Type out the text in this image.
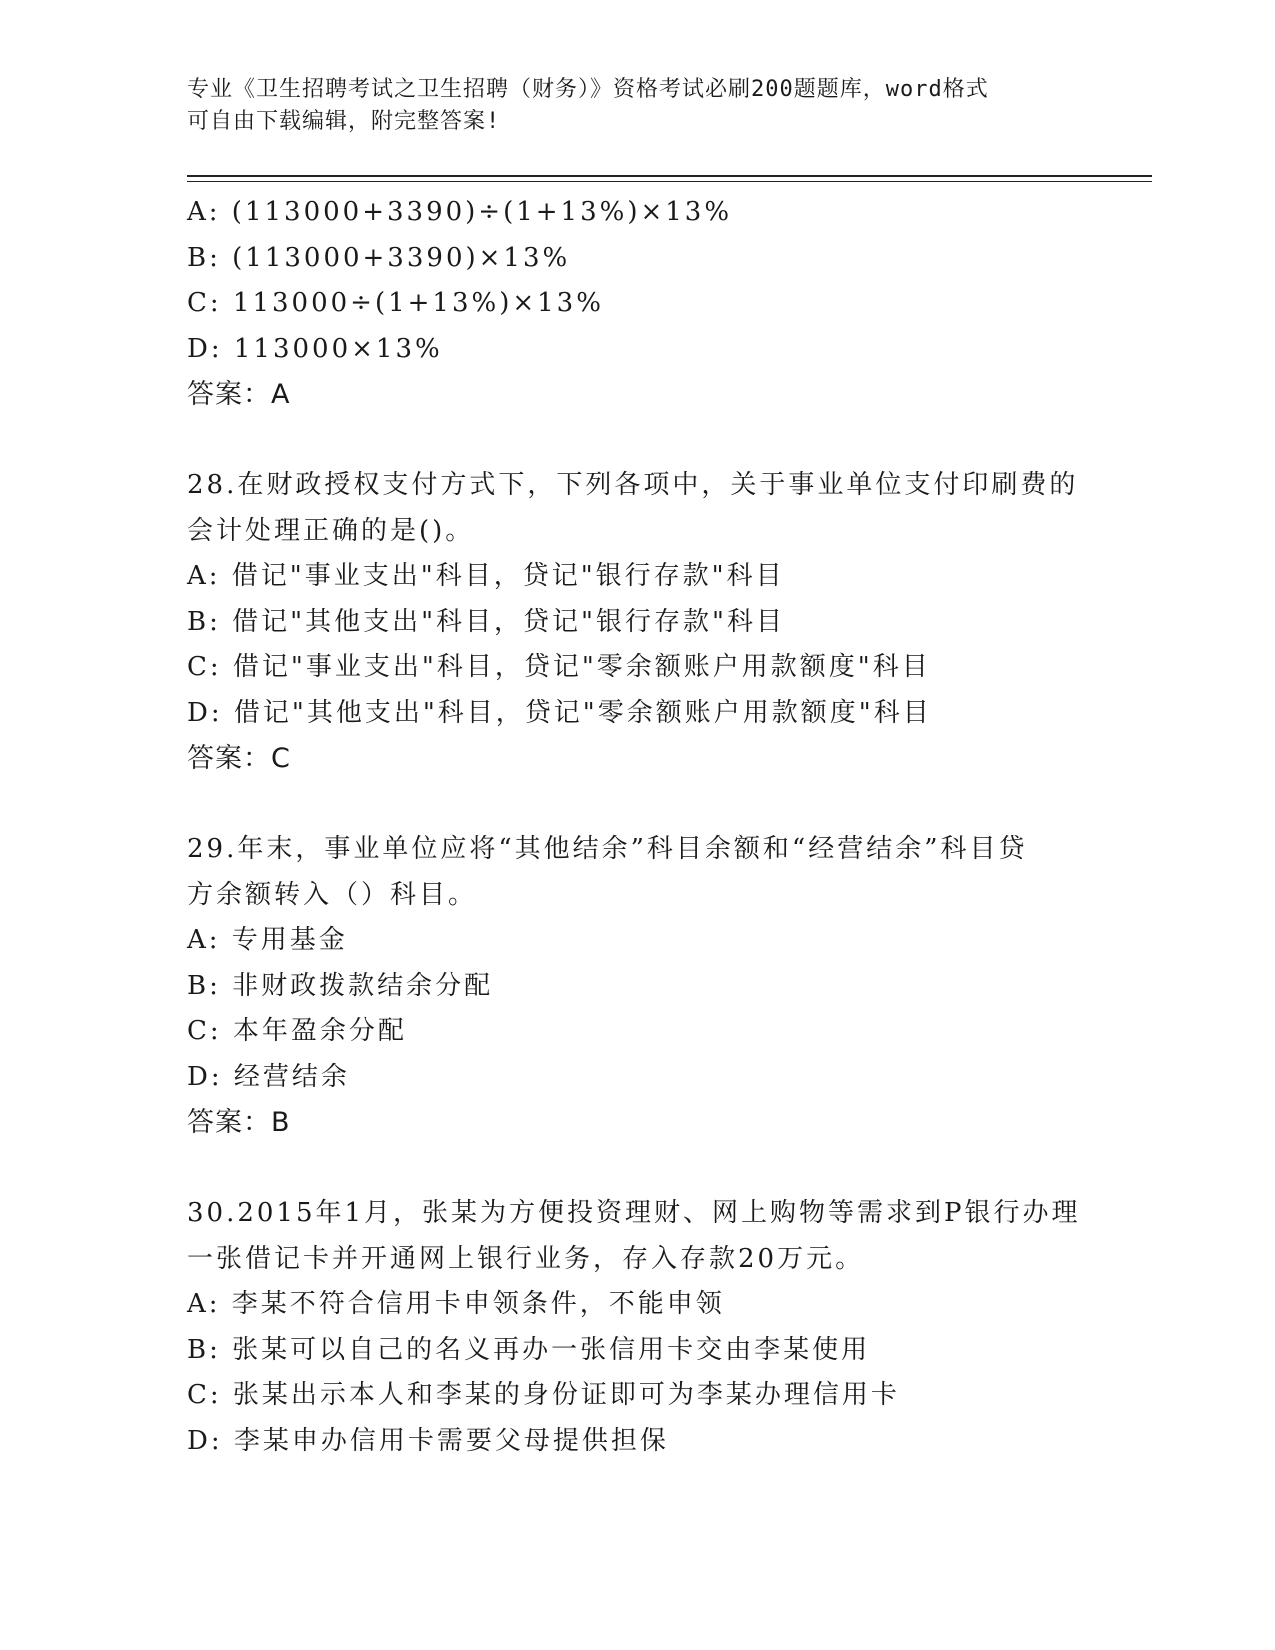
专业《卫生招聘考试之卫生招聘（财务）》资格考试必刷200题题库，word格式
可自由下载编辑，附完整答案!
A: (113000+3390)÷(1+13%)×13%
B: (113000+3390)×13%
C: 113000÷(1+13%)×13%
D: 113000×13%
答案：A
28.在财政授权支付方式下，下列各项中，关于事业单位支付印刷费的
会计处理正确的是()。
A: 借记"事业支出"科目，贷记"银行存款"科目
B: 借记"其他支出"科目，贷记"银行存款"科目
C: 借记"事业支出"科目，贷记"零余额账户用款额度"科目
D: 借记"其他支出"科目，贷记"零余额账户用款额度"科目
答案：C
29.年末，事业单位应将“其他结余”科目余额和“经营结余”科目贷
方余额转入（）科目。
A: 专用基金
B: 非财政拨款结余分配
C: 本年盈余分配
D: 经营结余
答案：B
30.2015年1月，张某为方便投资理财、网上购物等需求到P银行办理
一张借记卡并开通网上银行业务，存入存款20万元。
A: 李某不符合信用卡申领条件，不能申领
B: 张某可以自己的名义再办一张信用卡交由李某使用
C: 张某出示本人和李某的身份证即可为李某办理信用卡
D: 李某申办信用卡需要父母提供担保
